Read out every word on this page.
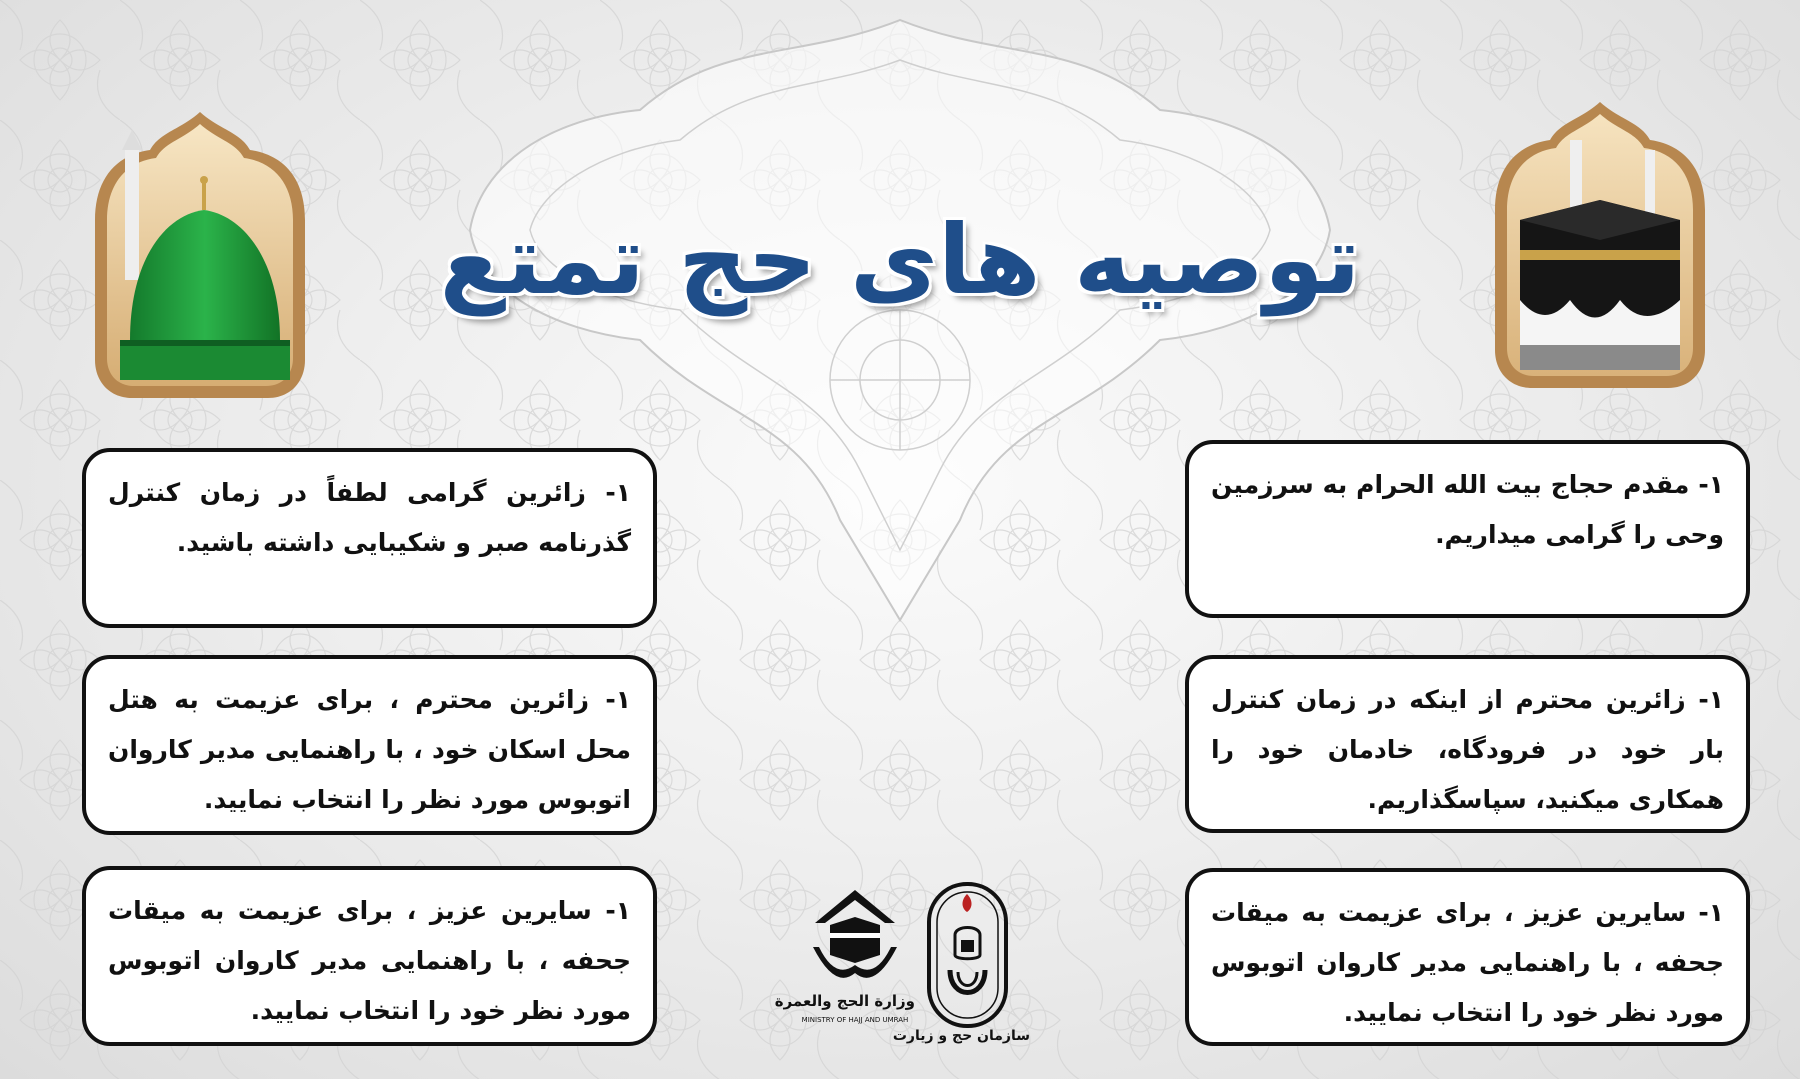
توصیه های حج تمتع
۱- مقدم حجاج بیت الله الحرام به سرزمین وحی را گرامی میداریم.
۱- زائرین محترم از اینکه در زمان کنترل بار خود در فرودگاه، خادمان خود را همکاری میکنید، سپاسگذاریم.
۱- سایرین عزیز ، برای عزیمت به میقات جحفه ، با راهنمایی مدیر کاروان اتوبوس مورد نظر خود را انتخاب نمایید.
۱- زائرین گرامی لطفاً در زمان کنترل گذرنامه صبر و شکیبایی داشته باشید.
۱- زائرین محترم ، برای عزیمت به هتل محل اسکان خود ، با راهنمایی مدیر کاروان اتوبوس مورد نظر را انتخاب نمایید.
۱- سایرین عزیز ، برای عزیمت به میقات جحفه ، با راهنمایی مدیر کاروان اتوبوس مورد نظر خود را انتخاب نمایید.	وزارة الحج والعمرة
MINISTRY OF HAJJ AND UMRAH
سازمان حج و زیارت
